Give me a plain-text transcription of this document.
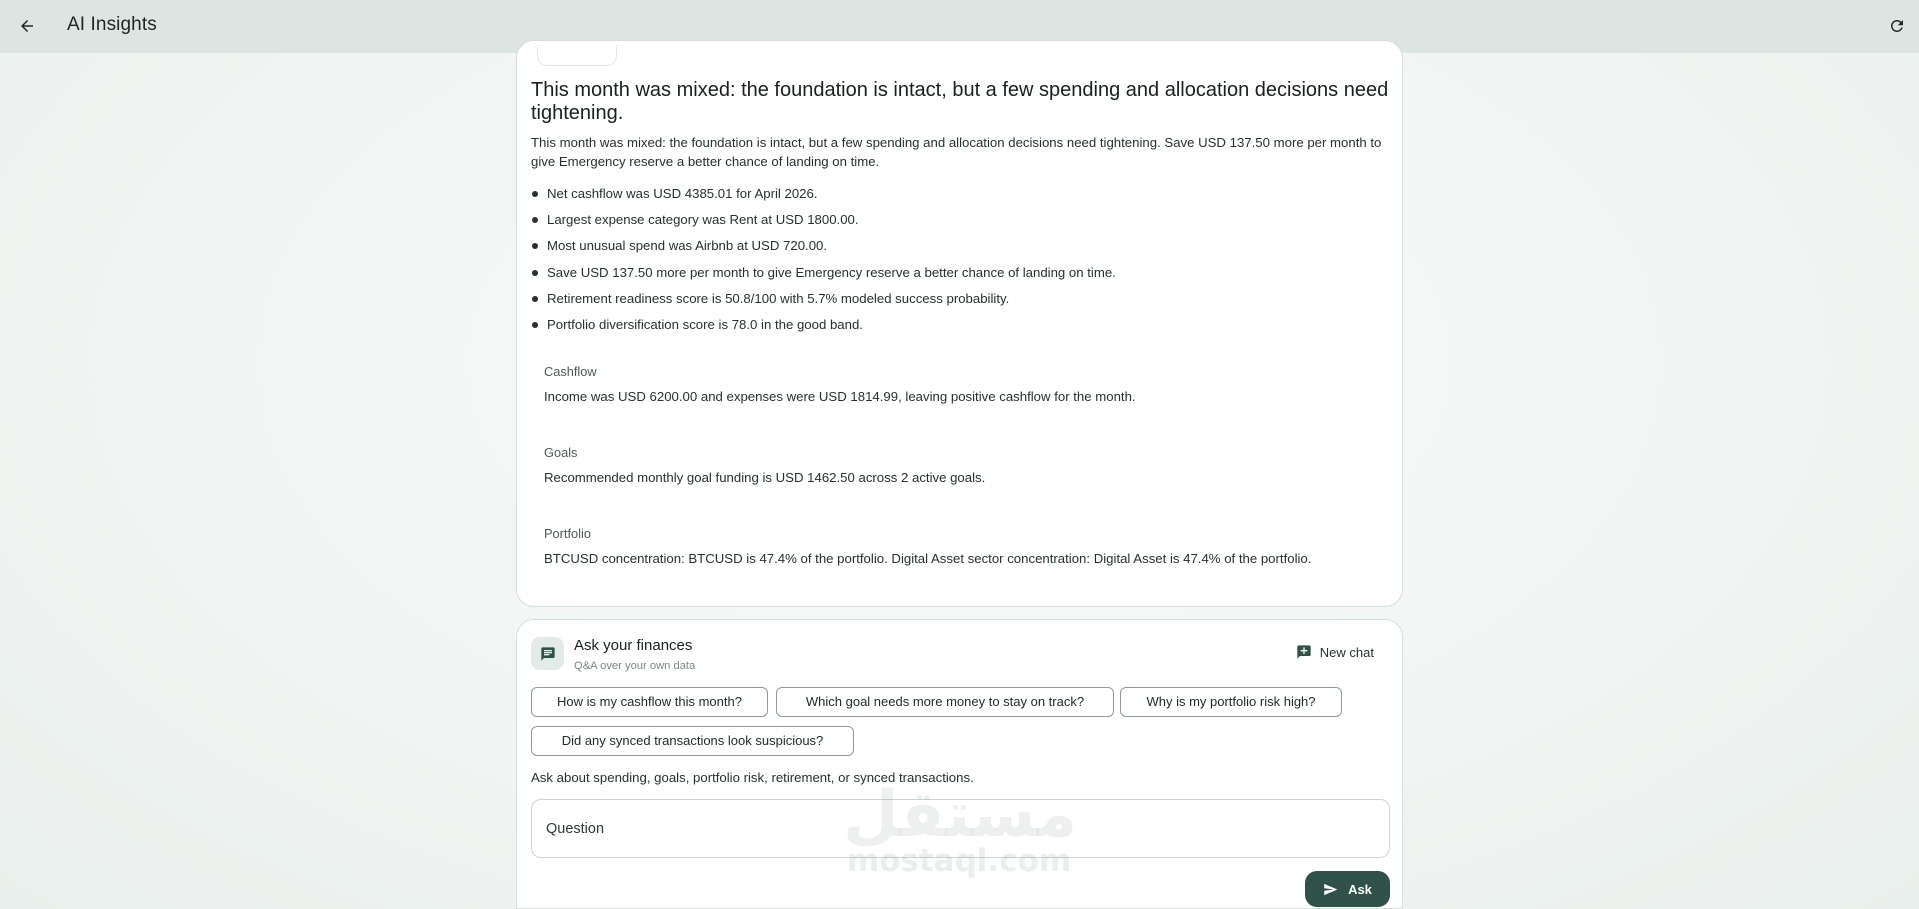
AI Insights
This month was mixed: the foundation is intact, but a few spending and allocation decisions need tightening.

This month was mixed: the foundation is intact, but a few spending and allocation decisions need tightening. Save USD 137.50 more per month to give Emergency reserve a better chance of landing on time.

Net cashflow was USD 4385.01 for April 2026.
Largest expense category was Rent at USD 1800.00.
Most unusual spend was Airbnb at USD 720.00.
Save USD 137.50 more per month to give Emergency reserve a better chance of landing on time.
Retirement readiness score is 50.8/100 with 5.7% modeled success probability.
Portfolio diversification score is 78.0 in the good band.

Cashflow

Income was USD 6200.00 and expenses were USD 1814.99, leaving positive cashflow for the month.

Goals

Recommended monthly goal funding is USD 1462.50 across 2 active goals.

Portfolio

BTCUSD concentration: BTCUSD is 47.4% of the portfolio. Digital Asset sector concentration: Digital Asset is 47.4% of the portfolio.

Ask your finances
Q&A over your own data
New chat
How is my cashflow this month?	Which goal needs more money to stay on track?	Why is my portfolio risk high?
Did any synced transactions look suspicious?
Ask about spending, goals, portfolio risk, retirement, or synced transactions.
Question
Ask
